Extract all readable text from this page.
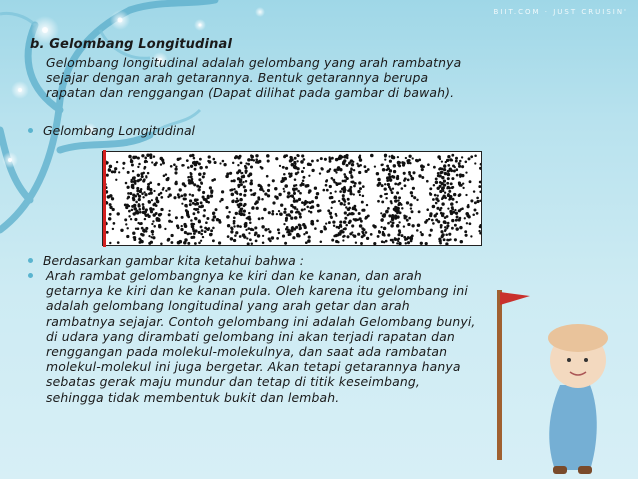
BIIT.COM · JUST CRUISIN'
b. Gelombang Longitudinal
Gelombang longitudinal adalah gelombang yang arah rambatnya
sejajar dengan arah getarannya. Bentuk getarannya berupa
rapatan dan renggangan (Dapat dilihat pada gambar di bawah).
Gelombang Longitudinal
Berdasarkan gambar kita ketahui bahwa :
Arah rambat gelombangnya ke kiri dan ke kanan, dan arah
getarnya ke kiri dan ke kanan pula. Oleh karena itu gelombang ini
adalah gelombang longitudinal yang arah getar dan arah
rambatnya sejajar. Contoh gelombang ini adalah Gelombang bunyi,
di udara yang dirambati gelombang ini akan terjadi rapatan dan
renggangan pada molekul-molekulnya, dan saat ada rambatan
molekul-molekul ini juga bergetar. Akan tetapi getarannya hanya
sebatas gerak maju mundur dan tetap di titik keseimbang,
sehingga tidak membentuk bukit dan lembah.
